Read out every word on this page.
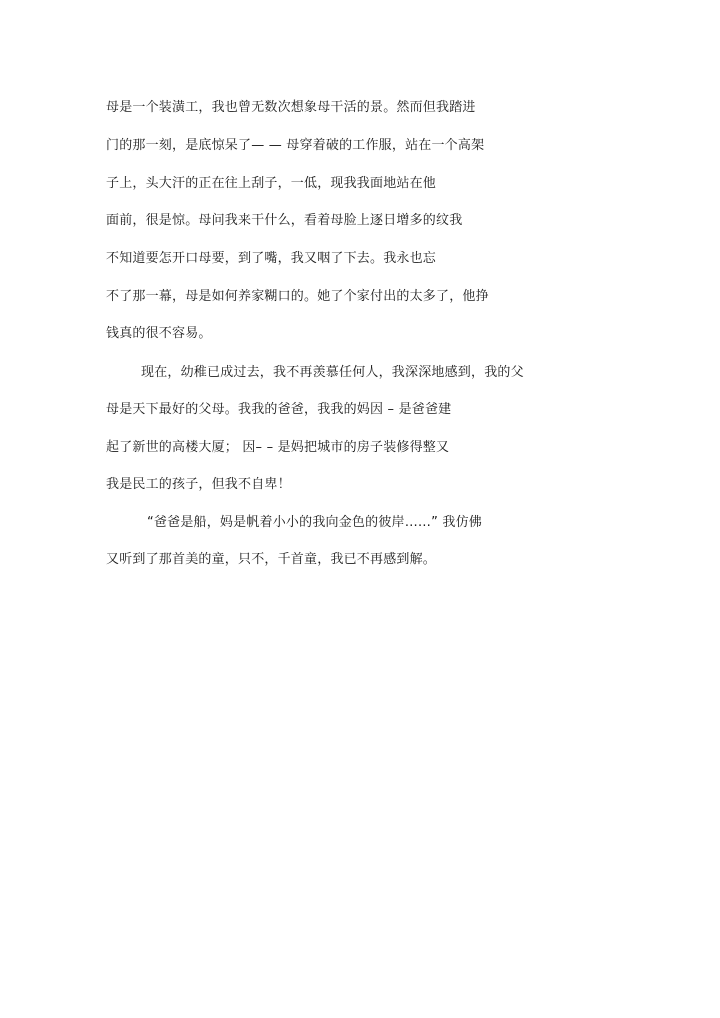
母是一个装潢工，我也曾无数次想象母干活的景。然而但我踏进
门的那一刻，是底惊呆了— — 母穿着破的工作服，站在一个高架
子上，头大汗的正在往上刮子，一低，现我我面地站在他
面前，很是惊。母问我来干什么，看着母脸上逐日增多的纹我
不知道要怎开口母要，到了嘴，我又咽了下去。我永也忘
不了那一幕，母是如何养家糊口的。她了个家付出的太多了，他挣
钱真的很不容易。
现在，幼稚已成过去，我不再羡慕任何人，我深深地感到，我的父
母是天下最好的父母。我我的爸爸，我我的妈因 – 是爸爸建
起了新世的高楼大厦； 因– – 是妈把城市的房子装修得整又
我是民工的孩子，但我不自卑！
“爸爸是船，妈是帆着小小的我向金色的彼岸……” 我仿佛
又听到了那首美的童，只不，千首童，我已不再感到解。
